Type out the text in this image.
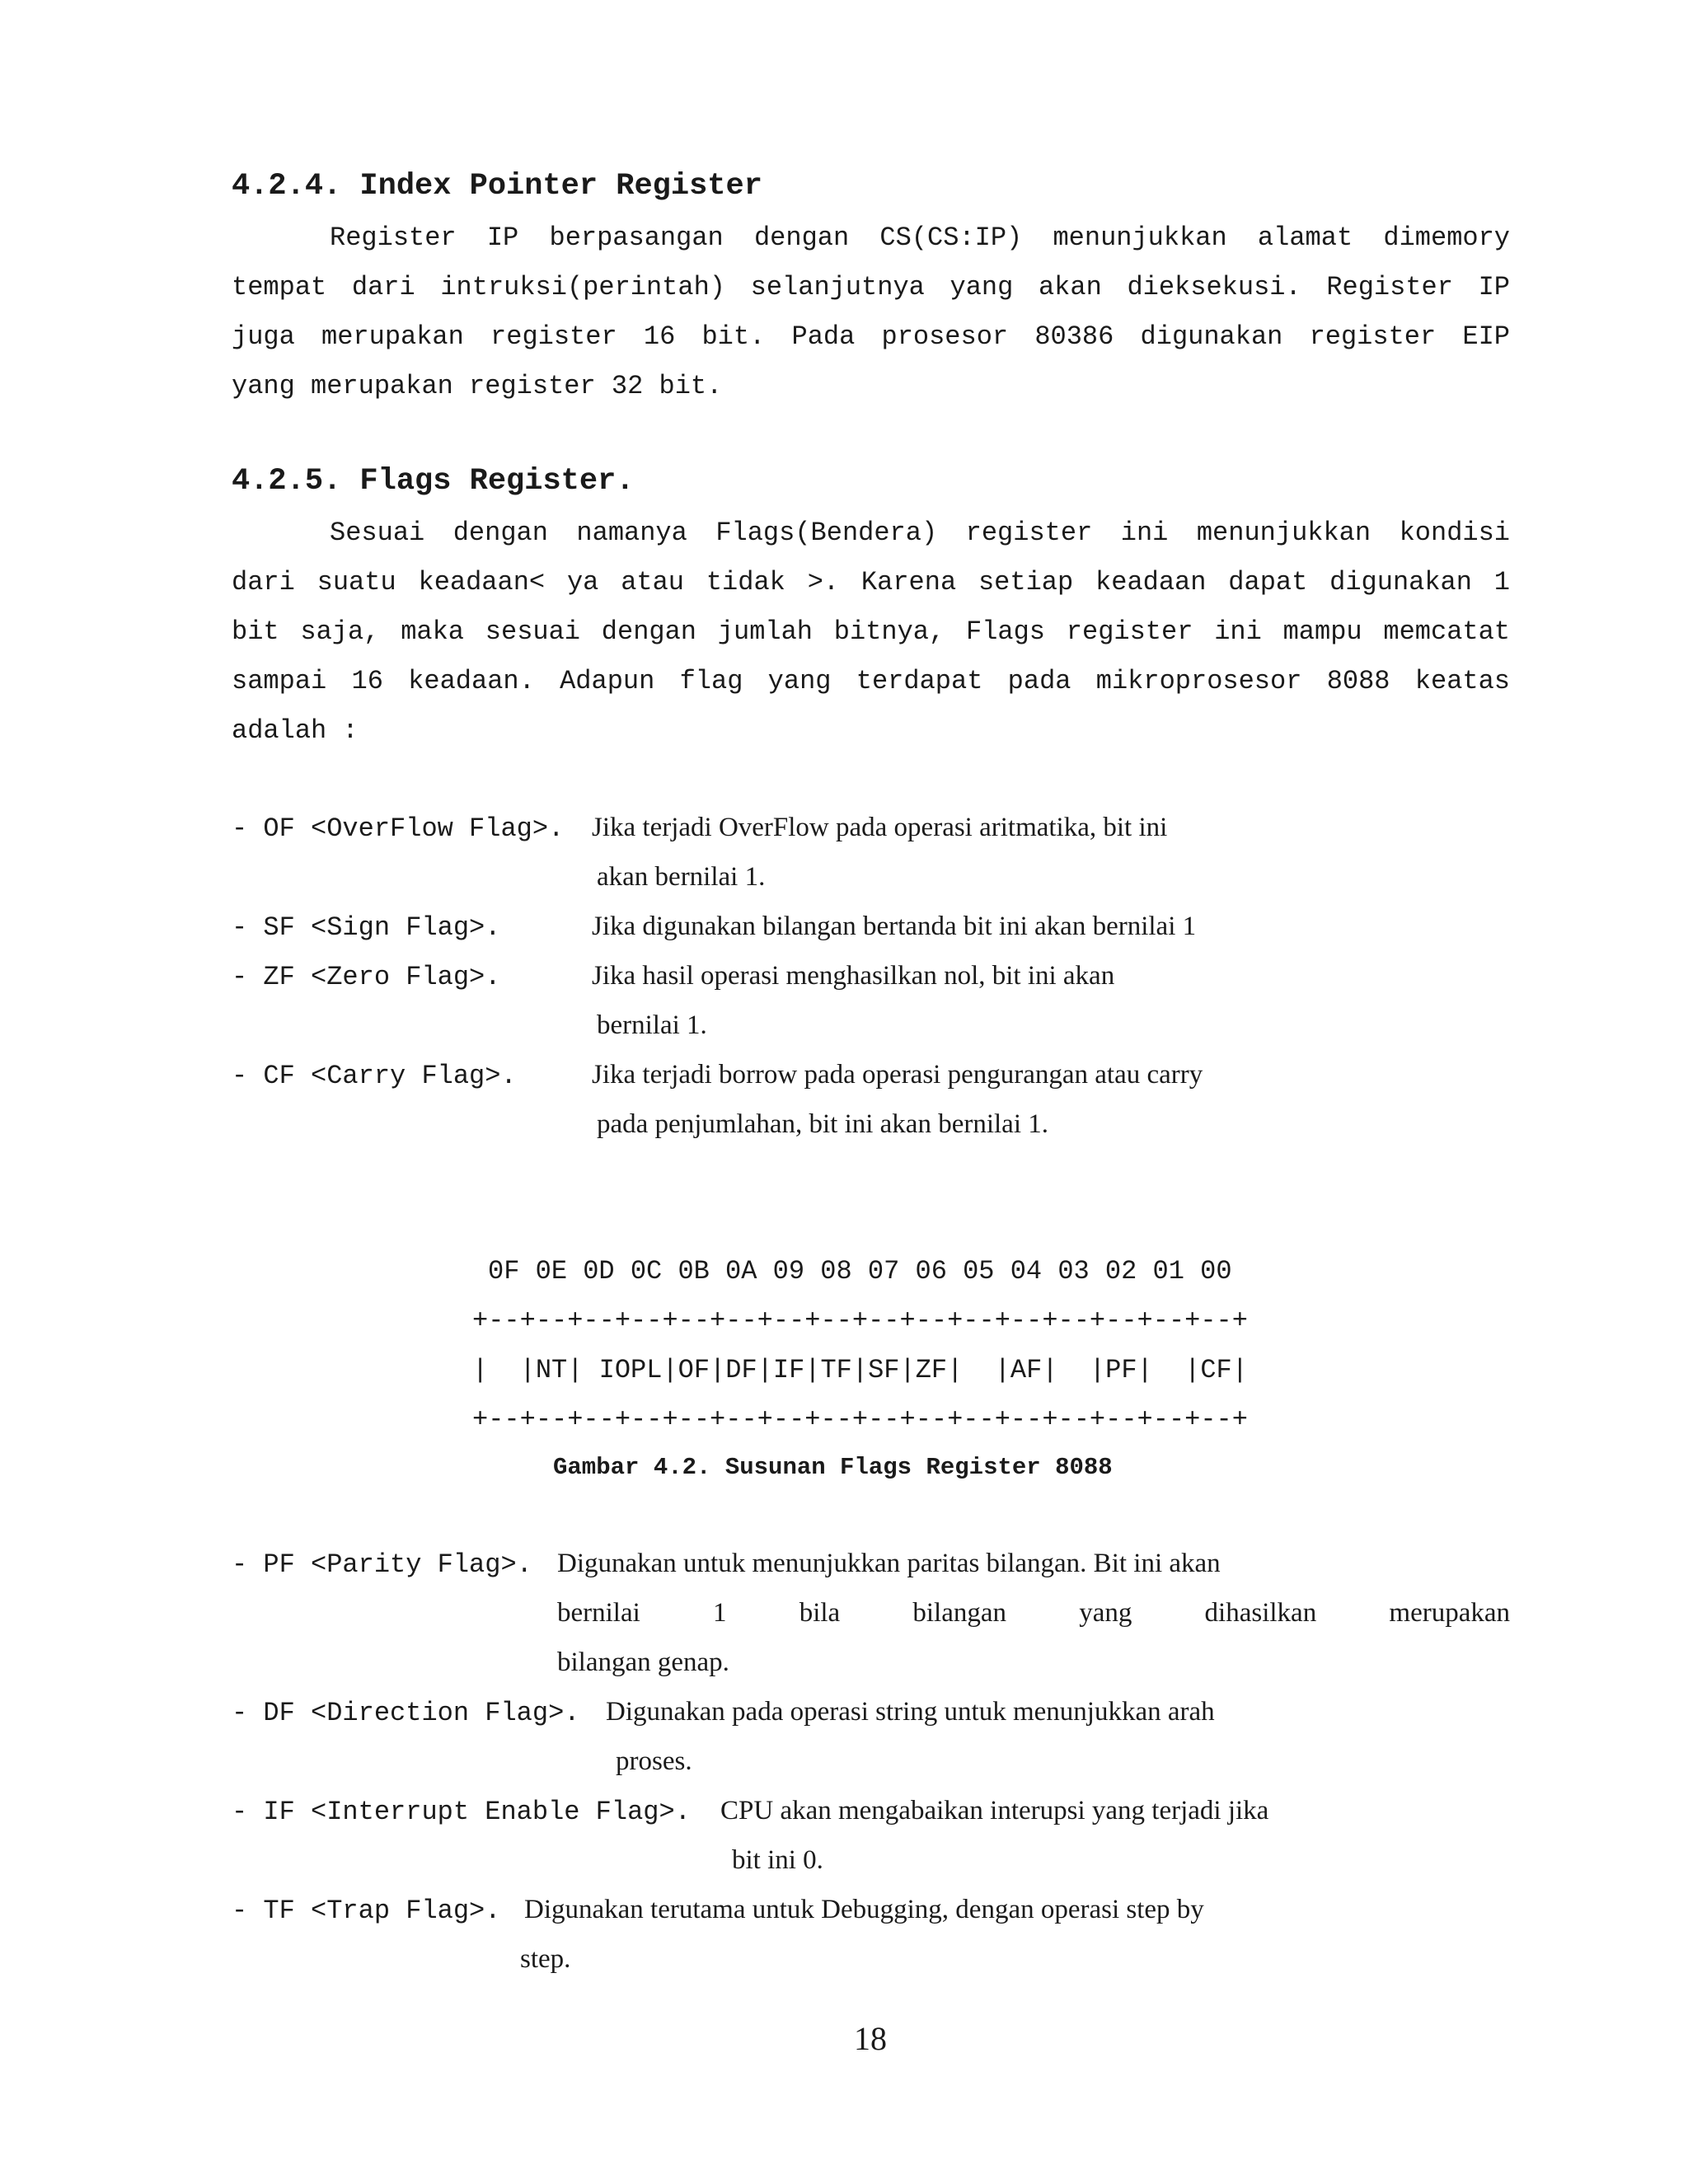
4.2.4. Index Pointer Register
Register IP berpasangan dengan CS(CS:IP) menunjukkan alamat dimemory
tempat dari intruksi(perintah) selanjutnya yang akan dieksekusi. Register IP
juga merupakan register 16 bit. Pada prosesor 80386 digunakan register EIP
yang merupakan register 32 bit.
4.2.5. Flags Register.
Sesuai dengan namanya Flags(Bendera) register ini menunjukkan kondisi
dari suatu keadaan< ya atau tidak >. Karena setiap keadaan dapat digunakan 1
bit saja, maka sesuai dengan jumlah bitnya, Flags register ini mampu memcatat
sampai 16 keadaan. Adapun flag yang terdapat pada mikroprosesor 8088 keatas
adalah :
- OF <OverFlow Flag>. Jika terjadi OverFlow pada operasi aritmatika, bit ini
akan bernilai 1.
- SF <Sign Flag>.	Jika digunakan bilangan bertanda bit ini akan bernilai 1
- ZF <Zero Flag>.	Jika hasil operasi menghasilkan nol, bit ini akan
bernilai 1.
- CF <Carry Flag>.	Jika terjadi borrow pada operasi pengurangan atau carry
pada penjumlahan, bit ini akan bernilai 1.
0F 0E 0D 0C 0B 0A 09 08 07 06 05 04 03 02 01 00
+--+--+--+--+--+--+--+--+--+--+--+--+--+--+--+--+
|  |NT| IOPL|OF|DF|IF|TF|SF|ZF|  |AF|  |PF|  |CF|
+--+--+--+--+--+--+--+--+--+--+--+--+--+--+--+--+
Gambar 4.2. Susunan Flags Register 8088
- PF <Parity Flag>. Digunakan untuk menunjukkan paritas bilangan. Bit ini akan
bernilai 1 bila bilangan yang dihasilkan merupakan
bilangan genap.
- DF <Direction Flag>. Digunakan pada operasi string untuk menunjukkan arah
proses.
- IF <Interrupt Enable Flag>. CPU akan mengabaikan interupsi yang terjadi jika
bit ini 0.
- TF <Trap Flag>. Digunakan terutama untuk Debugging, dengan operasi step by
step.
18
